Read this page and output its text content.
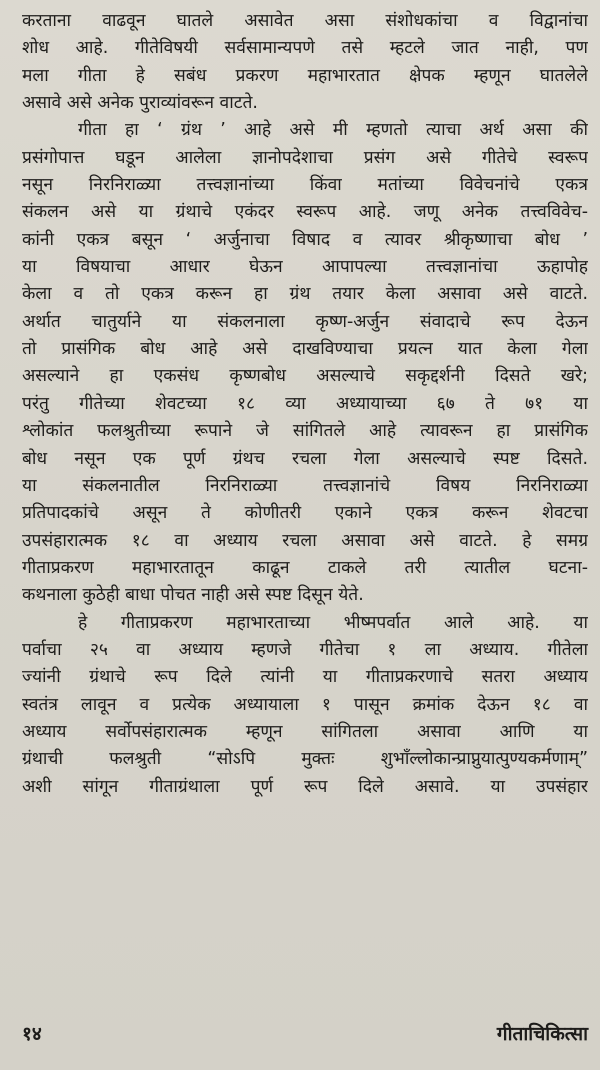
करताना वाढवून घातले असावेत असा संशोधकांचा व विद्वानांचा
शोध आहे. गीतेविषयी सर्वसामान्यपणे तसे म्हटले जात नाही, पण
मला गीता हे सबंध प्रकरण महाभारतात क्षेपक म्हणून घातलेले
असावे असे अनेक पुराव्यांवरून वाटते.
गीता हा ‘ ग्रंथ ’ आहे असे मी म्हणतो त्याचा अर्थ असा की
प्रसंगोपात्त घडून आलेला ज्ञानोपदेशाचा प्रसंग असे गीतेचे स्वरूप
नसून निरनिराळ्या तत्त्वज्ञानांच्या किंवा मतांच्या विवेचनांचे एकत्र
संकलन असे या ग्रंथाचे एकंदर स्वरूप आहे. जणू अनेक तत्त्वविवेच-
कांनी एकत्र बसून ‘ अर्जुनाचा विषाद व त्यावर श्रीकृष्णाचा बोध ’
या विषयाचा आधार घेऊन आपापल्या तत्त्वज्ञानांचा ऊहापोह
केला व तो एकत्र करून हा ग्रंथ तयार केला असावा असे वाटते.
अर्थात चातुर्याने या संकलनाला कृष्ण-अर्जुन संवादाचे रूप देऊन
तो प्रासंगिक बोध आहे असे दाखविण्याचा प्रयत्न यात केला गेला
असल्याने हा एकसंध कृष्णबोध असल्याचे सकृद्दर्शनी दिसते खरे;
परंतु गीतेच्या शेवटच्या १८ व्या अध्यायाच्या ६७ ते ७१ या
श्लोकांत फलश्रुतीच्या रूपाने जे सांगितले आहे त्यावरून हा प्रासंगिक
बोध नसून एक पूर्ण ग्रंथच रचला गेला असल्याचे स्पष्ट दिसते.
या संकलनातील निरनिराळ्या तत्त्वज्ञानांचे विषय निरनिराळ्या
प्रतिपादकांचे असून ते कोणीतरी एकाने एकत्र करून शेवटचा
उपसंहारात्मक १८ वा अध्याय रचला असावा असे वाटते. हे समग्र
गीताप्रकरण महाभारतातून काढून टाकले तरी त्यातील घटना-
कथनाला कुठेही बाधा पोचत नाही असे स्पष्ट दिसून येते.
हे गीताप्रकरण महाभारताच्या भीष्मपर्वात आले आहे. या
पर्वाचा २५ वा अध्याय म्हणजे गीतेचा १ ला अध्याय. गीतेला
ज्यांनी ग्रंथाचे रूप दिले त्यांनी या गीताप्रकरणाचे सतरा अध्याय
स्वतंत्र लावून व प्रत्येक अध्यायाला १ पासून क्रमांक देऊन १८ वा
अध्याय सर्वोपसंहारात्मक म्हणून सांगितला असावा आणि या
ग्रंथाची फलश्रुती “सोऽपि मुक्तः शुभाँल्लोकान्प्राप्नुयात्पुण्यकर्मणाम्”
अशी सांगून गीताग्रंथाला पूर्ण रूप दिले असावे. या उपसंहार
१४	गीताचिकित्सा
